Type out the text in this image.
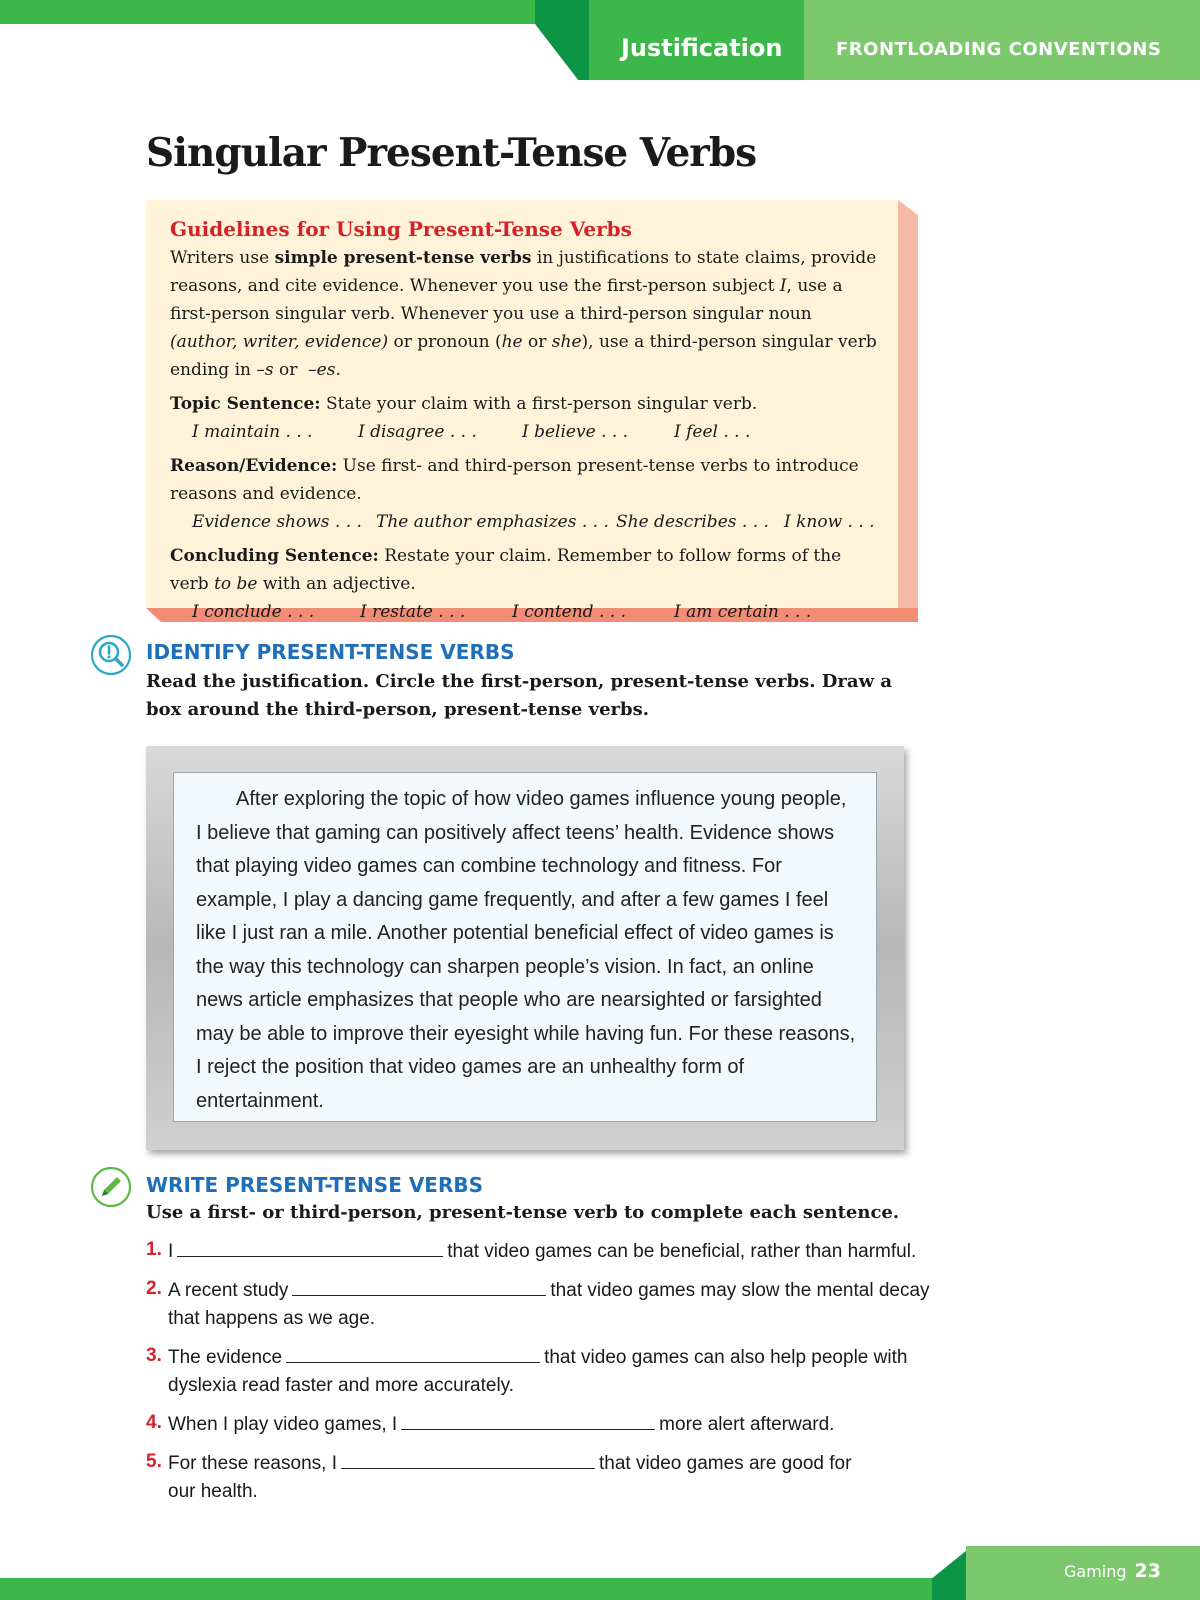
Justification	FRONTLOADING CONVENTIONS
Singular Present-Tense Verbs
Guidelines for Using Present-Tense Verbs

Writers use simple present-tense verbs in justifications to state claims, provide reasons, and cite evidence. Whenever you use the first-person subject I, use a first-person singular verb. Whenever you use a third-person singular noun (author, writer, evidence) or pronoun (he or she), use a third-person singular verb ending in –s or  –es.

Topic Sentence: State your claim with a first-person singular verb.
I maintain . . .	I disagree . . .	I believe . . .	I feel . . .
Reason/Evidence: Use first- and third-person present-tense verbs to introduce reasons and evidence.
Evidence shows . . . The author emphasizes . . . She describes . . . I know . . .
Concluding Sentence: Restate your claim. Remember to follow forms of the verb to be with an adjective.
I conclude . . .	I restate . . .	I contend . . .	I am certain . . .
IDENTIFY PRESENT-TENSE VERBS
Read the justification. Circle the first-person, present-tense verbs. Draw a box around the third-person, present-tense verbs.

After exploring the topic of how video games influence young people, I believe that gaming can positively affect teens’ health. Evidence shows that playing video games can combine technology and fitness. For example, I play a dancing game frequently, and after a few games I feel like I just ran a mile. Another potential beneficial effect of video games is the way this technology can sharpen people’s vision. In fact, an online news article emphasizes that people who are nearsighted or farsighted may be able to improve their eyesight while having fun. For these reasons, I reject the position that video games are an unhealthy form of entertainment.

WRITE PRESENT-TENSE VERBS
Use a first- or third-person, present-tense verb to complete each sentence.
1. I	that video games can be beneficial, rather than harmful.
2. A recent study	that video games may slow the mental decay that happens as we age.
3. The evidence	that video games can also help people with dyslexia read faster and more accurately.
4. When I play video games, I	more alert afterward.
5. For these reasons, I	that video games are good for our health.
Gaming 23
